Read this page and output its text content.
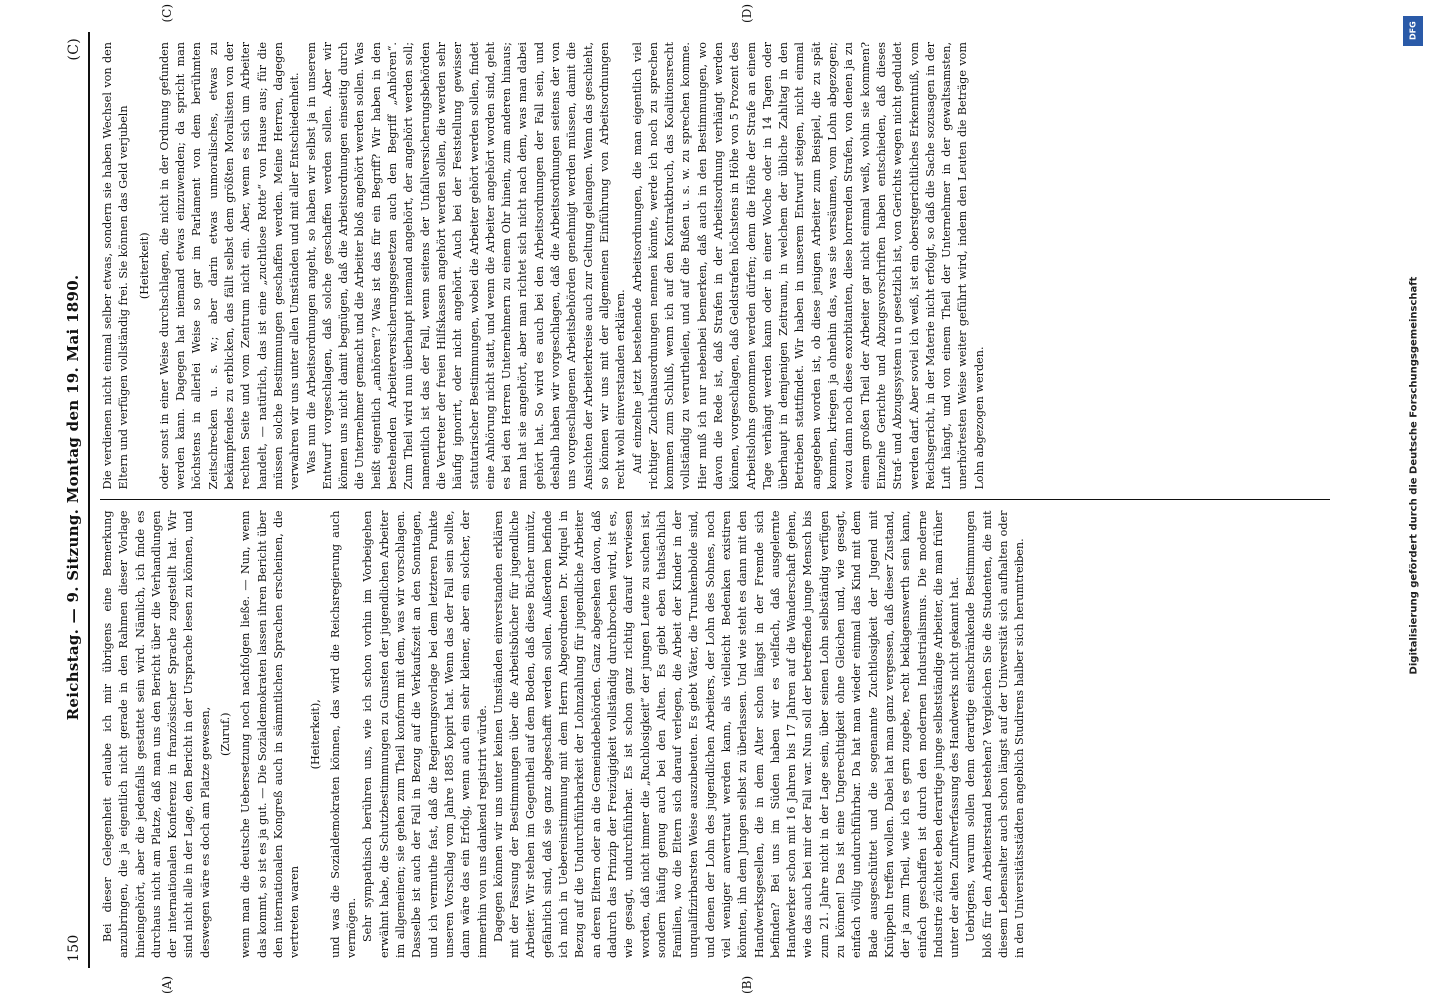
150
Reichstag. — 9. Sitzung. Montag den 19. Mai 1890.
(C)
(A)	(B)
(C)	(D)

Bei dieser Gelegenheit erlaube ich mir übrigens eine Bemerkung anzubringen, die ja eigentlich nicht gerade in den Rahmen dieser Vorlage hineingehört, aber die jedenfalls gestattet sein wird. Nämlich, ich finde es durchaus nicht am Platze, daß man uns den Bericht über die Verhandlungen der internationalen Konferenz in französischer Sprache zugestellt hat. Wir sind nicht alle in der Lage, den Bericht in der Ursprache lesen zu können, und deswegen wäre es doch am Platze gewesen, (Zuruf.) wenn man die deutsche Uebersetzung noch nachfolgen ließe. — Nun, wenn das kommt, so ist es ja gut. — Die Sozialdemokraten lassen ihren Bericht über den internationalen Kongreß auch in sämmtlichen Sprachen erscheinen, die vertreten waren

(Heiterkeit), und was die Sozialdemokraten können, das wird die Reichsregierung auch vermögen. Sehr sympathisch berühren uns, wie ich schon vorhin im Vorbeigehen erwähnt habe, die Schutzbestimmungen zu Gunsten der jugendlichen Arbeiter im allgemeinen; sie gehen zum Theil konform mit dem, was wir vorschlagen. Dasselbe ist auch der Fall in Bezug auf die Verkaufszeit an den Sonntagen, und ich vermuthe fast, daß die Regierungsvorlage bei dem letzteren Punkte unseren Vorschlag vom Jahre 1885 kopirt hat. Wenn das der Fall sein sollte, dann wäre das ein Erfolg, wenn auch ein sehr kleiner, aber ein solcher, der immerhin von uns dankend registrirt würde. Dagegen können wir uns unter keinen Umständen einverstanden erklären mit der Fassung der Bestimmungen über die Arbeitsbücher für jugendliche Arbeiter. Wir stehen im Gegentheil auf dem Boden, daß diese Bücher unnütz, gefährlich sind, daß sie ganz abgeschafft werden sollen. Außerdem befinde ich mich in Uebereinstimmung mit dem Herrn Abgeordneten Dr. Miquel in Bezug auf die Undurchführbarkeit der Lohnzahlung für jugendliche Arbeiter an deren Eltern oder an die Gemeindebehörden. Ganz abgesehen davon, daß dadurch das Prinzip der Freizügigkeit vollständig durchbrochen wird, ist es, wie gesagt, undurchführbar. Es ist schon ganz richtig darauf verwiesen worden, daß nicht immer die „Ruchlosigkeit“ der jungen Leute zu suchen ist, sondern häufig genug auch bei den Alten. Es giebt eben thatsächlich Familien, wo die Eltern sich darauf verlegen, die Arbeit der Kinder in der unqualifizirbarsten Weise auszubeuten. Es giebt Väter, die Trunkenbolde sind, und denen der Lohn des jugendlichen Arbeiters, der Lohn des Sohnes, noch viel weniger anvertraut werden kann, als vielleicht Bedenken existiren könnten, ihn dem Jungen selbst zu überlassen. Und wie steht es dann mit den Handwerksgesellen, die in dem Alter schon längst in der Fremde sich befinden? Bei uns im Süden haben wir es vielfach, daß ausgelernte Handwerker schon mit 16 Jahren bis 17 Jahren auf die Wanderschaft gehen, wie das auch bei mir der Fall war. Nun soll der betreffende junge Mensch bis zum 21. Jahre nicht in der Lage sein, über seinen Lohn selbständig verfügen zu können! Das ist eine Ungerechtigkeit ohne Gleichen und, wie gesagt, einfach völlig undurchführbar. Da hat man wieder einmal das Kind mit dem Bade ausgeschüttet und die sogenannte Zuchtlosigkeit der Jugend mit Knüppeln treffen wollen. Dabei hat man ganz vergessen, daß dieser Zustand, der ja zum Theil, wie ich es gern zugebe, recht beklagenswerth sein kann, einfach geschaffen ist durch den modernen Industrialismus. Die moderne Industrie züchtet eben derartige junge selbstständige Arbeiter, die man früher unter der alten Zunftverfassung des Handwerks nicht gekannt hat. Uebrigens, warum sollen denn derartige einschränkende Bestimmungen bloß für den Arbeiterstand bestehen? Vergleichen Sie die Studenten, die mit diesem Lebensalter auch schon längst auf der Universität sich aufhalten oder in den Universitätsstädten angeblich Studirens halber sich herumtreiben.

Die verdienen nicht einmal selber etwas, sondern sie haben Wechsel von den Eltern und verfügen vollständig frei. Sie können das Geld verjubeln (Heiterkeit) oder sonst in einer Weise durchschlagen, die nicht in der Ordnung gefunden werden kann. Dagegen hat niemand etwas einzuwenden; da spricht man höchstens in allerlei Weise so gar im Parlament von dem berühmten Zeitschrecken u. s. w.; aber darin etwas unmoralisches, etwas zu bekämpfendes zu erblicken, das fällt selbst dem größten Moralisten von der rechten Seite und vom Zentrum nicht ein. Aber, wenn es sich um Arbeiter handelt, — natürlich, das ist eine „zuchtlose Rotte“ von Hause aus; für die müssen solche Bestimmungen geschaffen werden. Meine Herren, dagegen verwahren wir uns unter allen Umständen und mit aller Entschiedenheit. Was nun die Arbeitsordnungen angeht, so haben wir selbst ja in unserem Entwurf vorgeschlagen, daß solche geschaffen werden sollen. Aber wir können uns nicht damit begnügen, daß die Arbeitsordnungen einseitig durch die Unternehmer gemacht und die Arbeiter bloß angehört werden sollen. Was heißt eigentlich „anhören“? Was ist das für ein Begriff? Wir haben in den bestehenden Arbeiterversicherungsgesetzen auch den Begriff „Anhören“. Zum Theil wird nun überhaupt niemand angehört, der angehört werden soll; namentlich ist das der Fall, wenn seitens der Unfallversicherungsbehörden die Vertreter der freien Hilfskassen angehört werden sollen, die werden sehr häufig ignorirt, oder nicht angehört. Auch bei der Feststellung gewisser statutarischer Bestimmungen, wobei die Arbeiter gehört werden sollen, findet eine Anhörung nicht statt, und wenn die Arbeiter angehört worden sind, geht es bei den Herren Unternehmern zu einem Ohr hinein, zum anderen hinaus; man hat sie angehört, aber man richtet sich nicht nach dem, was man dabei gehört hat. So wird es auch bei den Arbeitsordnungen der Fall sein, und deshalb haben wir vorgeschlagen, daß die Arbeitsordnungen seitens der von uns vorgeschlagenen Arbeitsbehörden genehmigt werden müssen, damit die Ansichten der Arbeiterkreise auch zur Geltung gelangen. Wenn das geschieht, so können wir uns mit der allgemeinen Einführung von Arbeitsordnungen recht wohl einverstanden erklären. Auf einzelne jetzt bestehende Arbeitsordnungen, die man eigentlich viel richtiger Zuchthausordnungen nennen könnte, werde ich noch zu sprechen kommen zum Schluß, wenn ich auf den Kontraktbruch, das Koalitionsrecht vollständig zu verurtheilen, und auf die Bußen u. s. w. zu sprechen komme. Hier muß ich nur nebenbei bemerken, daß auch in den Bestimmungen, wo davon die Rede ist, daß Strafen in der Arbeitsordnung verhängt werden können, vorgeschlagen, daß Geldstrafen höchstens in Höhe von 5 Prozent des Arbeitslohns genommen werden dürfen; denn die Höhe der Strafe an einem Tage verhängt werden kann oder in einer Woche oder in 14 Tagen oder überhaupt in demjenigen Zeitraum, in welchem der übliche Zahltag in den Betrieben stattfindet. Wir haben in unserem Entwurf steigen, nicht einmal angegeben worden ist, ob diese jenigen Arbeiter zum Beispiel, die zu spät kommen, kriegen ja ohnehin das, was sie versäumen, vom Lohn abgezogen; wozu dann noch diese exorbitanten, diese horrenden Strafen, von denen ja zu einem großen Theil der Arbeiter gar nicht einmal weiß, wohin sie kommen? Einzelne Gerichte und Abzugsvorschriften haben entschieden, daß dieses Straf- und Abzugssystem u n gesetzlich ist, von Gerichts wegen nicht geduldet werden darf. Aber soviel ich weiß, ist ein oberstgerichtliches Erkenntniß, vom Reichsgericht, in der Materie nicht erfolgt, so daß die Sache sozusagen in der Luft hängt, und von einem Theil der Unternehmer in der gewaltsamsten, unerhörtesten Weise weiter geführt wird, indem den Leuten die Beträge vom Lohn abgezogen werden.

DFG
Digitalisierung gefördert durch die Deutsche Forschungsgemeinschaft
